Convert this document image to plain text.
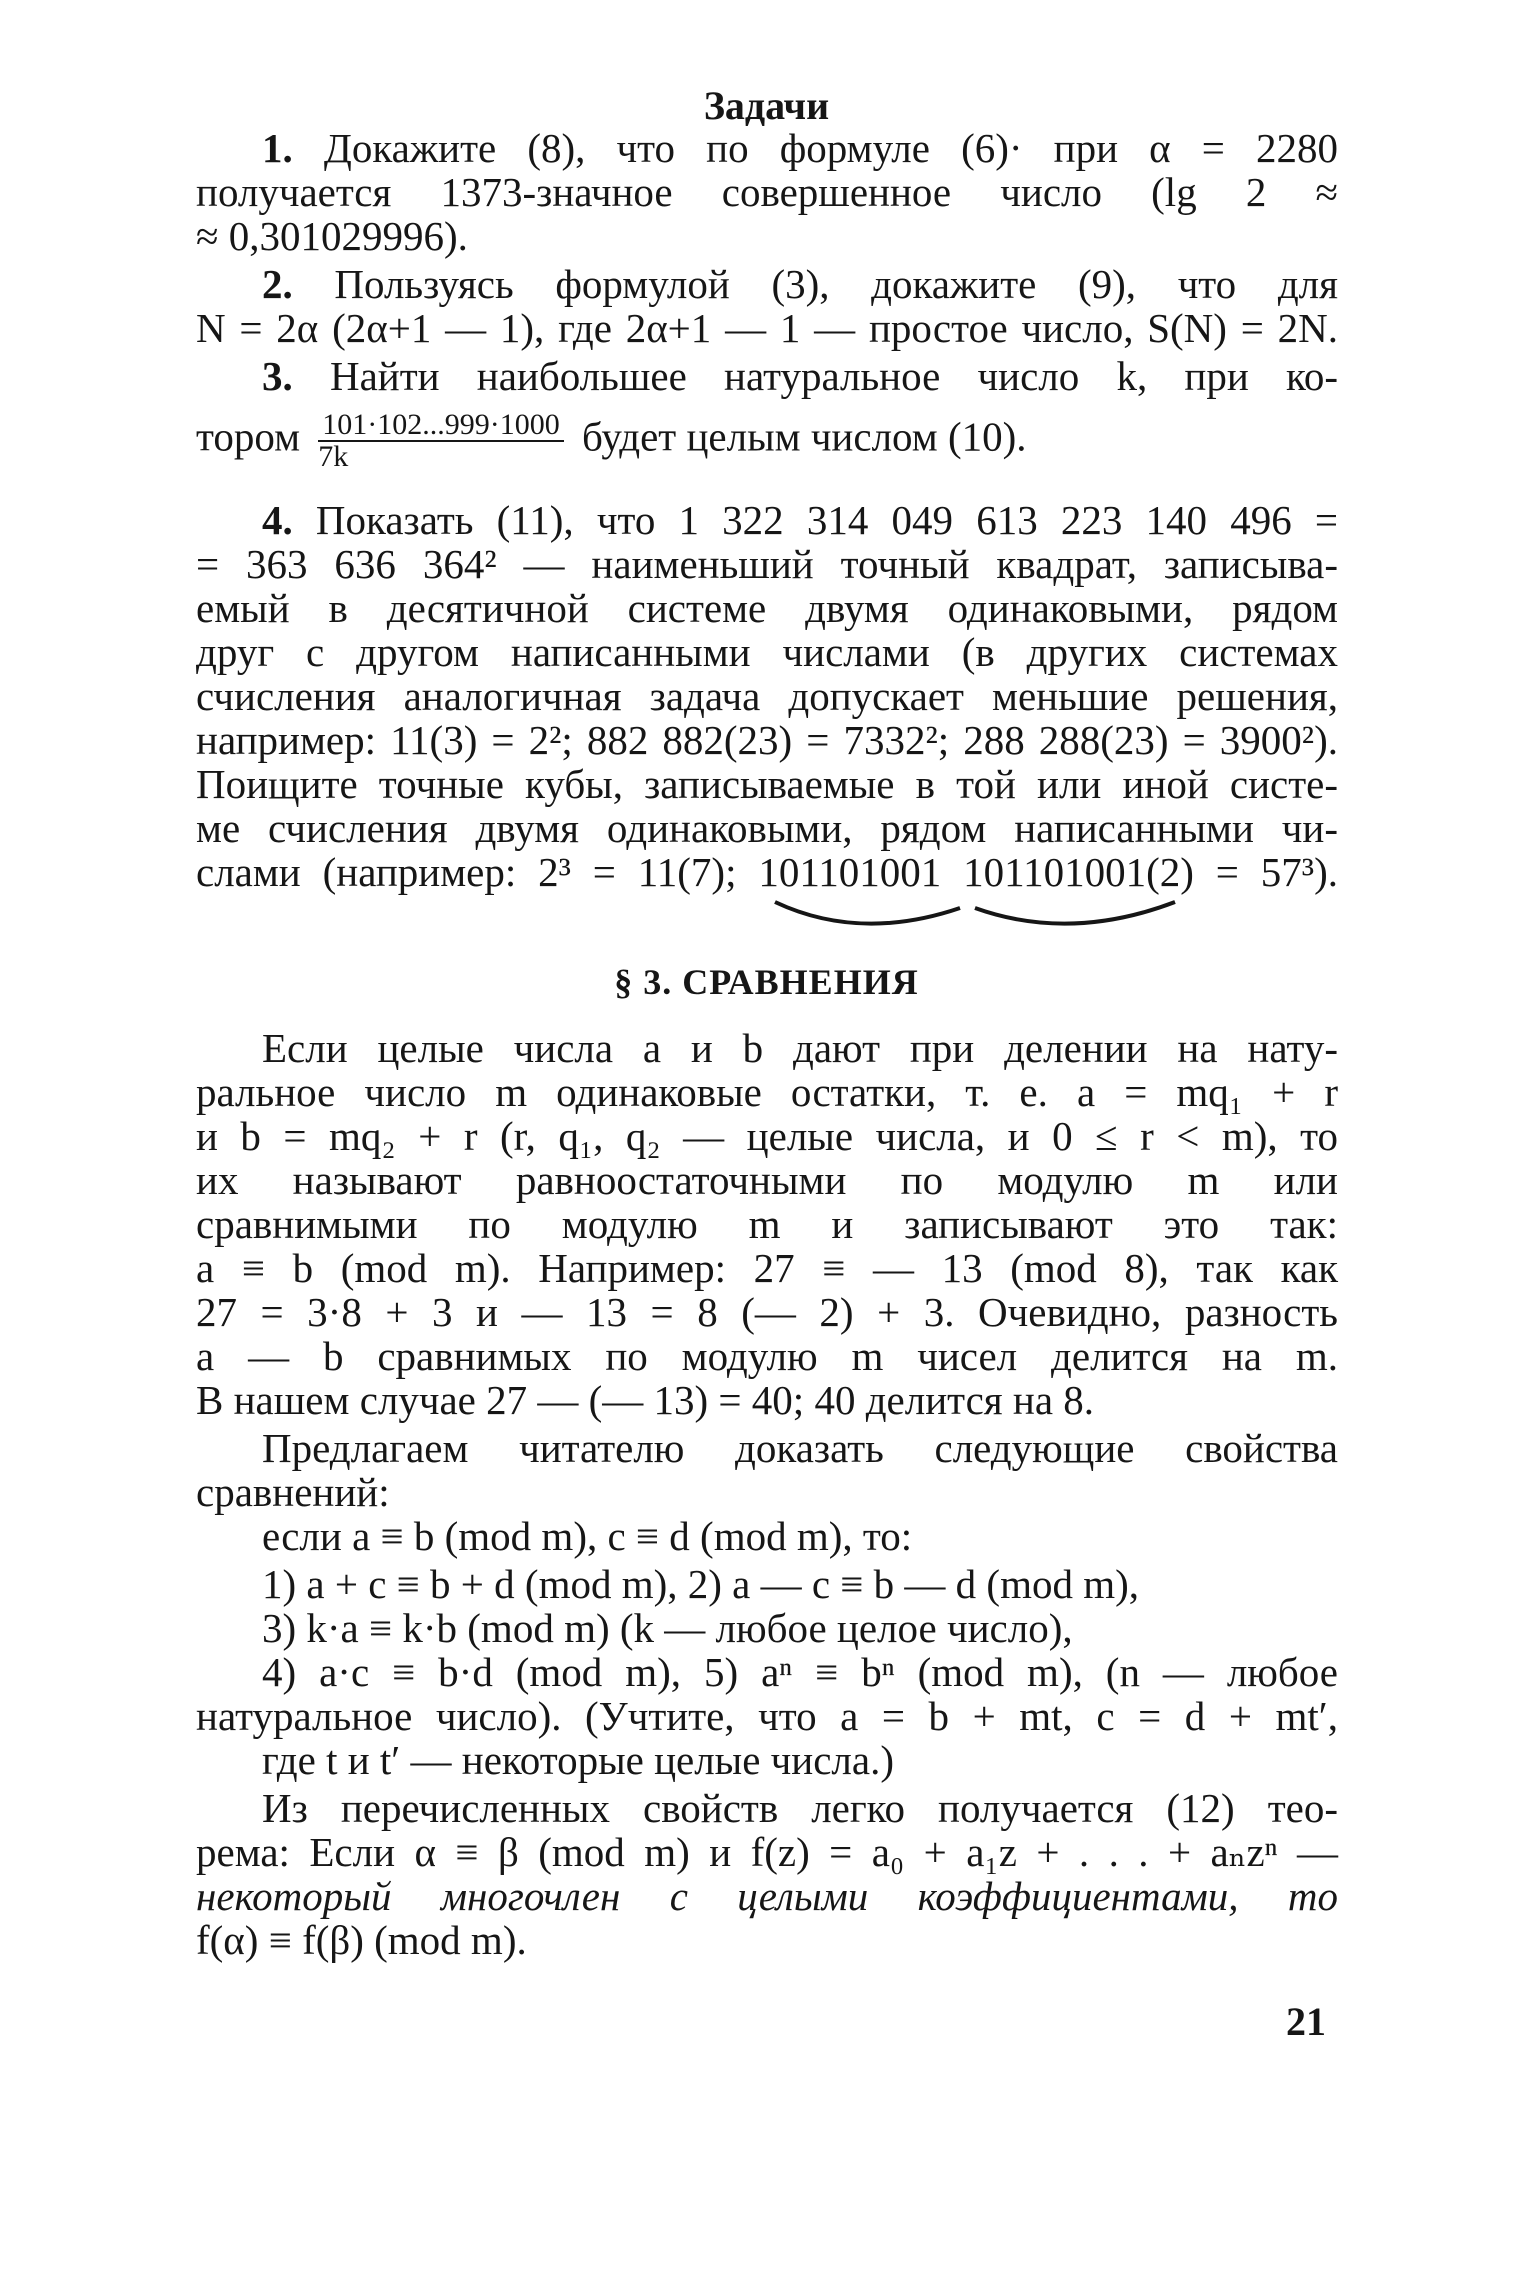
Задачи
1. Докажите (8), что по формуле (6)· при α = 2280
получается 1373-значное совершенное число (lg 2 ≈
≈ 0,301029996).
2. Пользуясь формулой (3), докажите (9), что для
N = 2α (2α+1 — 1), где 2α+1 — 1 — простое число, S(N) = 2N.
3. Найти наибольшее натуральное число k, при ко-
тором $\frac{101\cdot 102...999\cdot 1000}{7k}$ будет целым числом (10).
4. Показать (11), что 1 322 314 049 613 223 140 496 =
= 363 636 364² — наименьший точный квадрат, записыва-
емый в десятичной системе двумя одинаковыми, рядом
друг с другом написанными числами (в других системах
счисления аналогичная задача допускает меньшие решения,
например: 11(3) = 2²; 882 882(23) = 7332²; 288 288(23) = 3900²).
Поищите точные кубы, записываемые в той или иной систе-
ме счисления двумя одинаковыми, рядом написанными чи-
слами (например: 2³ = 11(7); 101101001 101101001(2) = 57³).
§ 3. СРАВНЕНИЯ
Если целые числа a и b дают при делении на нату-
ральное число m одинаковые остатки, т. е. a = mq₁ + r
и b = mq₂ + r (r, q₁, q₂ — целые числа, и 0 ≤ r < m), то
их называют равноостаточными по модулю m или
сравнимыми по модулю m и записывают это так:
a ≡ b (mod m). Например: 27 ≡ — 13 (mod 8), так как
27 = 3·8 + 3 и — 13 = 8 (— 2) + 3. Очевидно, разность
a — b сравнимых по модулю m чисел делится на m.
В нашем случае 27 — (— 13) = 40; 40 делится на 8.
Предлагаем читателю доказать следующие свойства
сравнений:
если a ≡ b (mod m), c ≡ d (mod m), то:
1) a + c ≡ b + d (mod m), 2) a — c ≡ b — d (mod m),
3) k·a ≡ k·b (mod m) (k — любое целое число),
4) a·c ≡ b·d (mod m), 5) aⁿ ≡ bⁿ (mod m), (n — любое
натуральное число). (Учтите, что a = b + mt, c = d + mt′,
где t и t′ — некоторые целые числа.)
Из перечисленных свойств легко получается (12) тео-
рема: Если α ≡ β (mod m) и f(z) = a₀ + a₁z + . . . + aₙzⁿ —
некоторый многочлен с целыми коэффициентами, то
f(α) ≡ f(β) (mod m).
21
